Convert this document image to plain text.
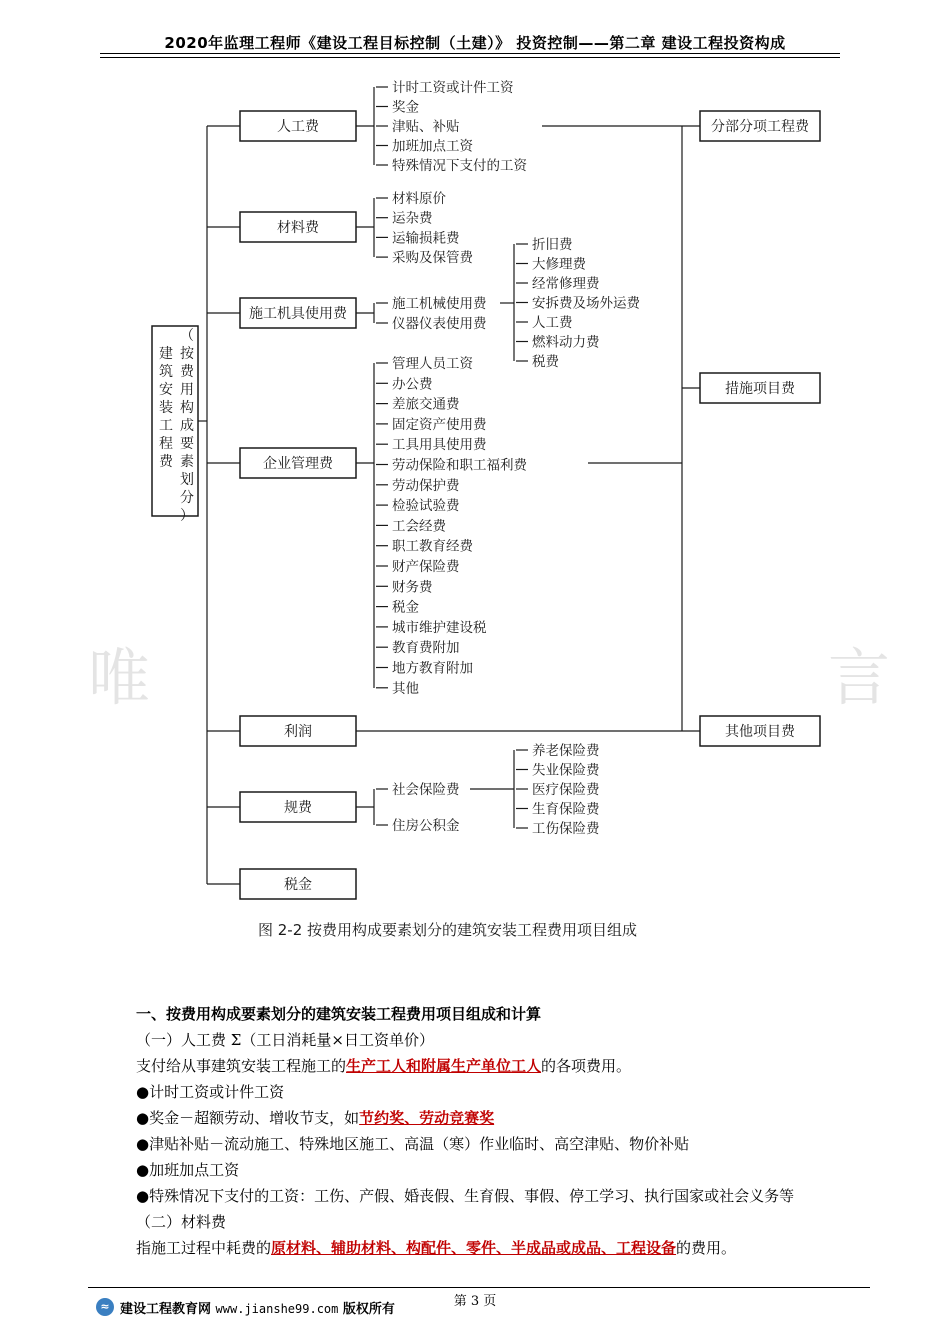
2020年监理工程师《建设工程目标控制（土建）》 投资控制——第二章 建设工程投资构成
唯	言
人工费
材料费
施工机具使用费
企业管理费
利润
规费
税金
计时工资或计件工资
奖金
津贴、补贴
加班加点工资
特殊情况下支付的工资
材料原价
运杂费
运输损耗费
采购及保管费
施工机械使用费
仪器仪表使用费
折旧费
大修理费
经常修理费
安拆费及场外运费
人工费
燃料动力费
税费
管理人员工资
办公费
差旅交通费
固定资产使用费
工具用具使用费
劳动保险和职工福利费
劳动保护费
检验试验费
工会经费
职工教育经费
财产保险费
财务费
税金
城市维护建设税
教育费附加
地方教育附加
其他
社会保险费
住房公积金
养老保险费
失业保险费
医疗保险费
生育保险费
工伤保险费
分部分项工程费
措施项目费
其他项目费
图 2-2 按费用构成要素划分的建筑安装工程费用项目组成
（按费用构成要素划分）
建筑安装工程费
一、按费用构成要素划分的建筑安装工程费用项目组成和计算
（一）人工费 Σ（工日消耗量×日工资单价）
支付给从事建筑安装工程施工的生产工人和附属生产单位工人的各项费用。
●计时工资或计件工资
●奖金－超额劳动、增收节支，如节约奖、劳动竞赛奖
●津贴补贴－流动施工、特殊地区施工、高温（寒）作业临时、高空津贴、物价补贴
●加班加点工资
●特殊情况下支付的工资：工伤、产假、婚丧假、生育假、事假、停工学习、执行国家或社会义务等
（二）材料费
指施工过程中耗费的原材料、辅助材料、构配件、零件、半成品或成品、工程设备的费用。
第 3 页
≈ 建设工程教育网 www.jianshe99.com 版权所有
